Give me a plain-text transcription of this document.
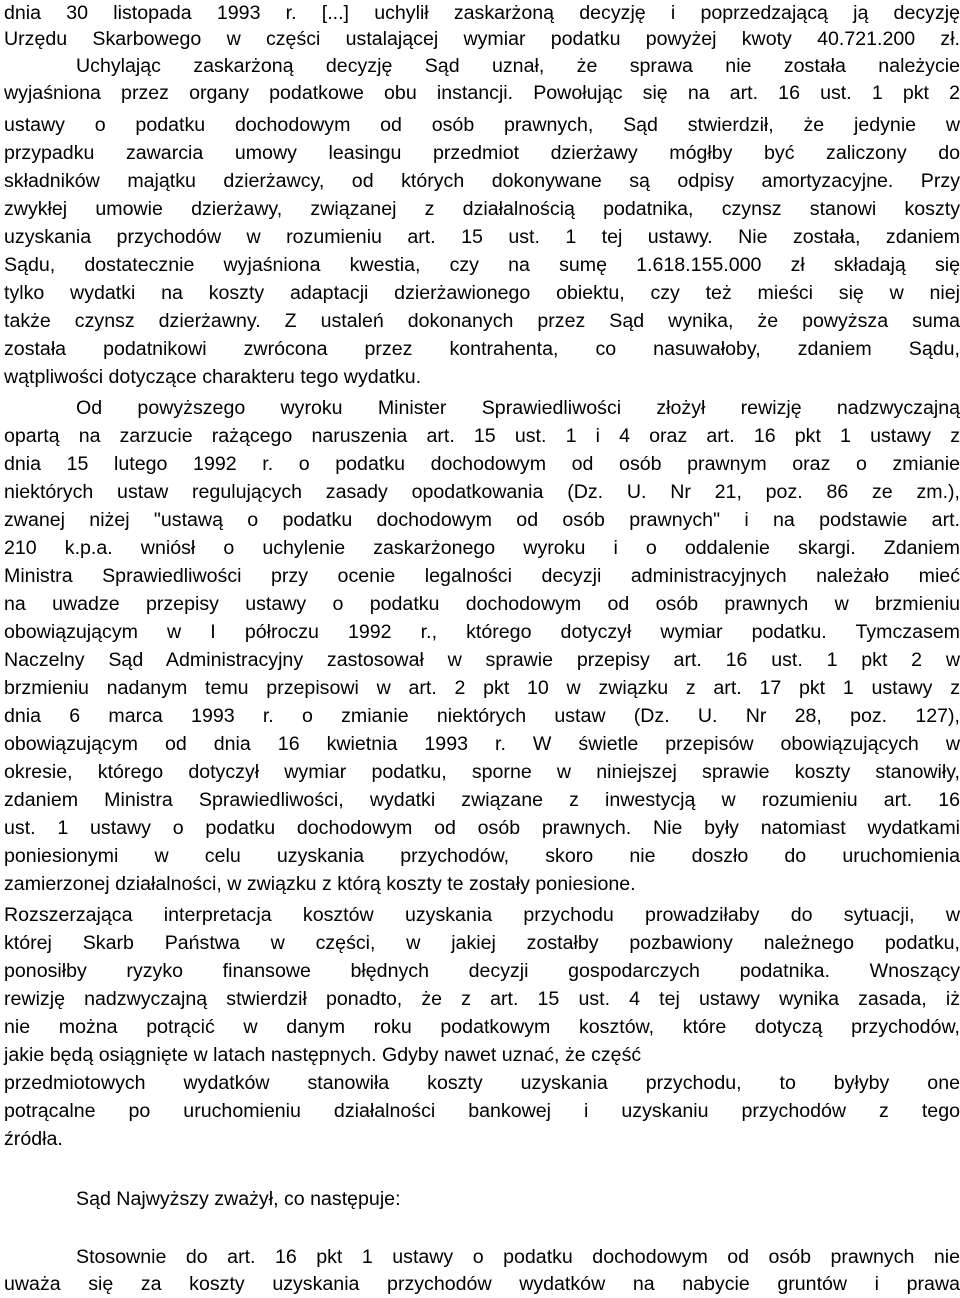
dnia 30 listopada 1993 r. [...] uchylił zaskarżoną decyzję i poprzedzającą ją decyzję
Urzędu Skarbowego w części ustalającej wymiar podatku powyżej kwoty 40.721.200 zł.
Uchylając zaskarżoną decyzję Sąd uznał, że sprawa nie została należycie
wyjaśniona przez organy podatkowe obu instancji. Powołując się na art. 16 ust. 1 pkt 2
ustawy o podatku dochodowym od osób prawnych, Sąd stwierdził, że jedynie w
przypadku zawarcia umowy leasingu przedmiot dzierżawy mógłby być zaliczony do
składników majątku dzierżawcy, od których dokonywane są odpisy amortyzacyjne. Przy
zwykłej umowie dzierżawy, związanej z działalnością podatnika, czynsz stanowi koszty
uzyskania przychodów w rozumieniu art. 15 ust. 1 tej ustawy. Nie została, zdaniem
Sądu, dostatecznie wyjaśniona kwestia, czy na sumę 1.618.155.000 zł składają się
tylko wydatki na koszty adaptacji dzierżawionego obiektu, czy też mieści się w niej
także czynsz dzierżawny. Z ustaleń dokonanych przez Sąd wynika, że powyższa suma
została podatnikowi zwrócona przez kontrahenta, co nasuwałoby, zdaniem Sądu,
wątpliwości dotyczące charakteru tego wydatku.
Od powyższego wyroku Minister Sprawiedliwości złożył rewizję nadzwyczajną
opartą na zarzucie rażącego naruszenia art. 15 ust. 1 i 4 oraz art. 16 pkt 1 ustawy z
dnia 15 lutego 1992 r. o podatku dochodowym od osób prawnym oraz o zmianie
niektórych ustaw regulujących zasady opodatkowania (Dz. U. Nr 21, poz. 86 ze zm.),
zwanej niżej "ustawą o podatku dochodowym od osób prawnych" i na podstawie art.
210 k.p.a. wniósł o uchylenie zaskarżonego wyroku i o oddalenie skargi. Zdaniem
Ministra Sprawiedliwości przy ocenie legalności decyzji administracyjnych należało mieć
na uwadze przepisy ustawy o podatku dochodowym od osób prawnych w brzmieniu
obowiązującym w I półroczu 1992 r., którego dotyczył wymiar podatku. Tymczasem
Naczelny Sąd Administracyjny zastosował w sprawie przepisy art. 16 ust. 1 pkt 2 w
brzmieniu nadanym temu przepisowi w art. 2 pkt 10 w związku z art. 17 pkt 1 ustawy z
dnia 6 marca 1993 r. o zmianie niektórych ustaw (Dz. U. Nr 28, poz. 127),
obowiązującym od dnia 16 kwietnia 1993 r. W świetle przepisów obowiązujących w
okresie, którego dotyczył wymiar podatku, sporne w niniejszej sprawie koszty stanowiły,
zdaniem Ministra Sprawiedliwości, wydatki związane z inwestycją w rozumieniu art. 16
ust. 1 ustawy o podatku dochodowym od osób prawnych. Nie były natomiast wydatkami
poniesionymi w celu uzyskania przychodów, skoro nie doszło do uruchomienia
zamierzonej działalności, w związku z którą koszty te zostały poniesione.
Rozszerzająca interpretacja kosztów uzyskania przychodu prowadziłaby do sytuacji, w
której Skarb Państwa w części, w jakiej zostałby pozbawiony należnego podatku,
ponosiłby ryzyko finansowe błędnych decyzji gospodarczych podatnika. Wnoszący
rewizję nadzwyczajną stwierdził ponadto, że z art. 15 ust. 4 tej ustawy wynika zasada, iż
nie można potrącić w danym roku podatkowym kosztów, które dotyczą przychodów,
jakie będą osiągnięte w latach następnych. Gdyby nawet uznać, że część
przedmiotowych wydatków stanowiła koszty uzyskania przychodu, to byłyby one
potrącalne po uruchomieniu działalności bankowej i uzyskaniu przychodów z tego
źródła.
Sąd Najwyższy zważył, co następuje:
Stosownie do art. 16 pkt 1 ustawy o podatku dochodowym od osób prawnych nie
uważa się za koszty uzyskania przychodów wydatków na nabycie gruntów i prawa
